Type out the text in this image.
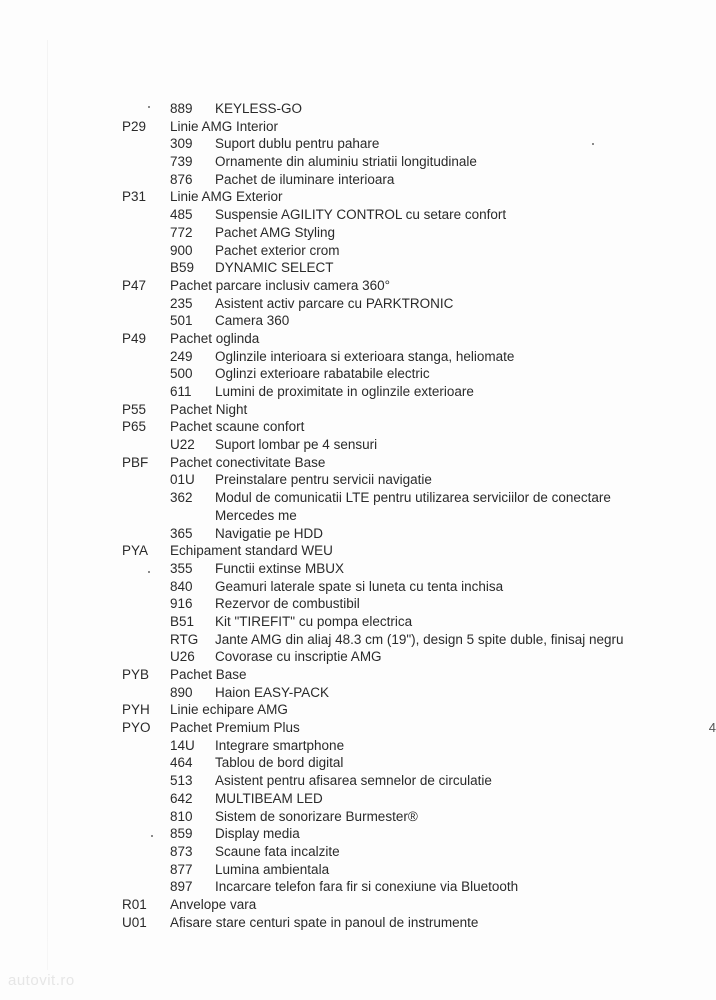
889 KEYLESS-GO
P29 Linie AMG Interior
309 Suport dublu pentru pahare
739 Ornamente din aluminiu striatii longitudinale
876 Pachet de iluminare interioara
P31 Linie AMG Exterior
485 Suspensie AGILITY CONTROL cu setare confort
772 Pachet AMG Styling
900 Pachet exterior crom
B59 DYNAMIC SELECT
P47 Pachet parcare inclusiv camera 360°
235 Asistent activ parcare cu PARKTRONIC
501 Camera 360
P49 Pachet oglinda
249 Oglinzile interioara si exterioara stanga, heliomate
500 Oglinzi exterioare rabatabile electric
611 Lumini de proximitate in oglinzile exterioare
P55 Pachet Night
P65 Pachet scaune confort
U22 Suport lombar pe 4 sensuri
PBF Pachet conectivitate Base
01U Preinstalare pentru servicii navigatie
362 Modul de comunicatii LTE pentru utilizarea serviciilor de conectare Mercedes me
365 Navigatie pe HDD
PYA Echipament standard WEU
355 Functii extinse MBUX
840 Geamuri laterale spate si luneta cu tenta inchisa
916 Rezervor de combustibil
B51 Kit "TIREFIT" cu pompa electrica
RTG Jante AMG din aliaj 48.3 cm (19"), design 5 spite duble, finisaj negru
U26 Covorase cu inscriptie AMG
PYB Pachet Base
890 Haion EASY-PACK
PYH Linie echipare AMG
PYO Pachet Premium Plus
14U Integrare smartphone
464 Tablou de bord digital
513 Asistent pentru afisarea semnelor de circulatie
642 MULTIBEAM LED
810 Sistem de sonorizare Burmester®
859 Display media
873 Scaune fata incalzite
877 Lumina ambientala
897 Incarcare telefon fara fir si conexiune via Bluetooth
R01 Anvelope vara
U01 Afisare stare centuri spate in panoul de instrumente
4
autovit.ro
